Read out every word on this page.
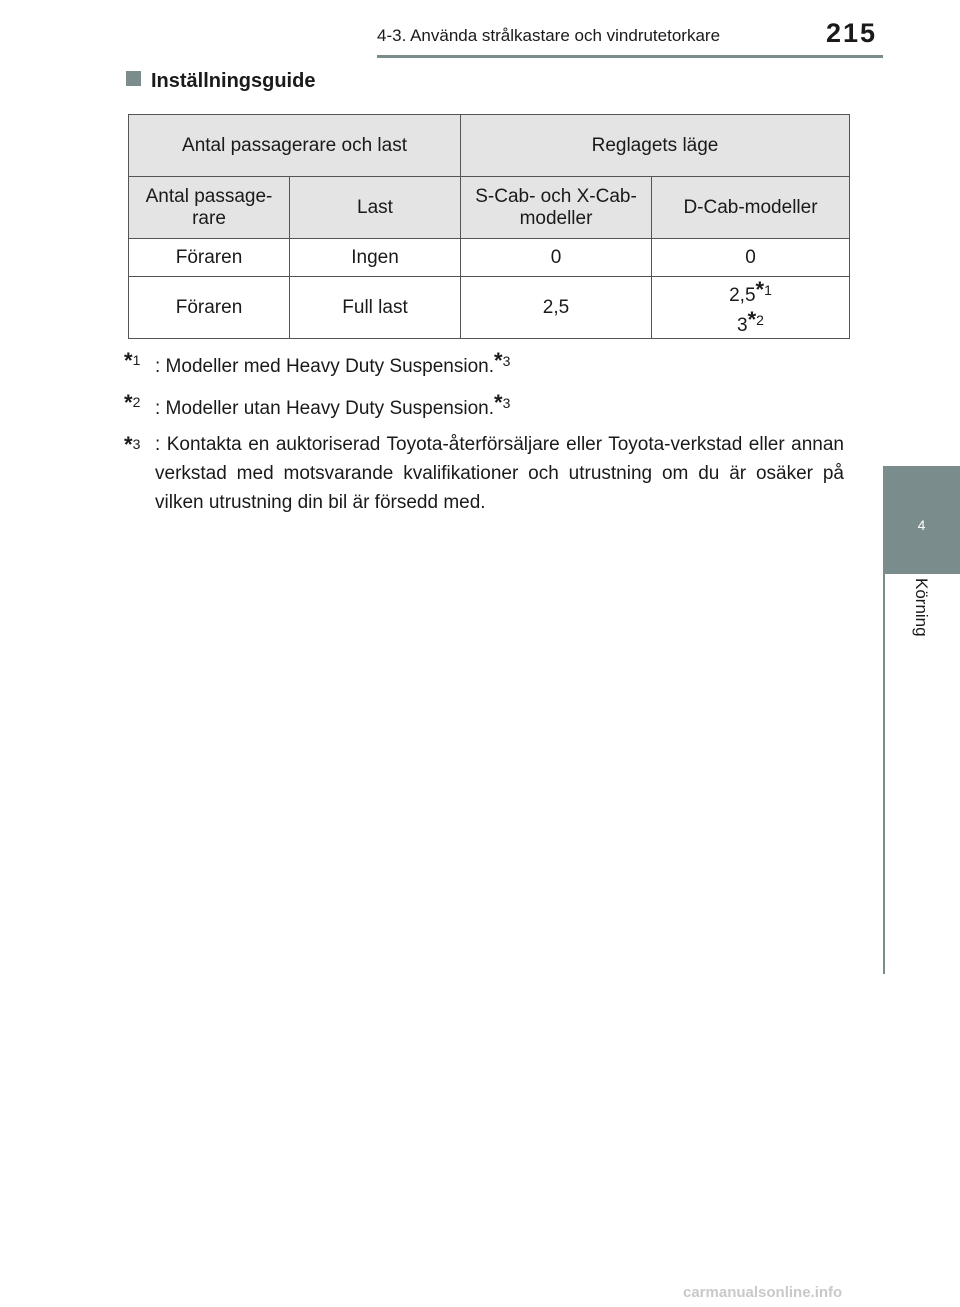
4-3. Använda strålkastare och vindrutetorkare	215
4
Körning
Inställningsguide
Antal passagerare och last		Reglagets läge	
Antal passage-rare	Last	S-Cab- och X-Cab-modeller	D-Cab-modeller
Föraren	Ingen	0	0
Föraren	Full last	2,5	2,5*$^1$
3*$^2$
*$^1$ : Modeller med Heavy Duty Suspension.*$^3$
*$^2$ : Modeller utan Heavy Duty Suspension.*$^3$
*$^3$ : Kontakta en auktoriserad Toyota-återförsäljare eller Toyota-verkstad eller annan verkstad med motsvarande kvalifikationer och utrustning om du är osäker på vilken utrustning din bil är försedd med.
carmanualsonline.info
